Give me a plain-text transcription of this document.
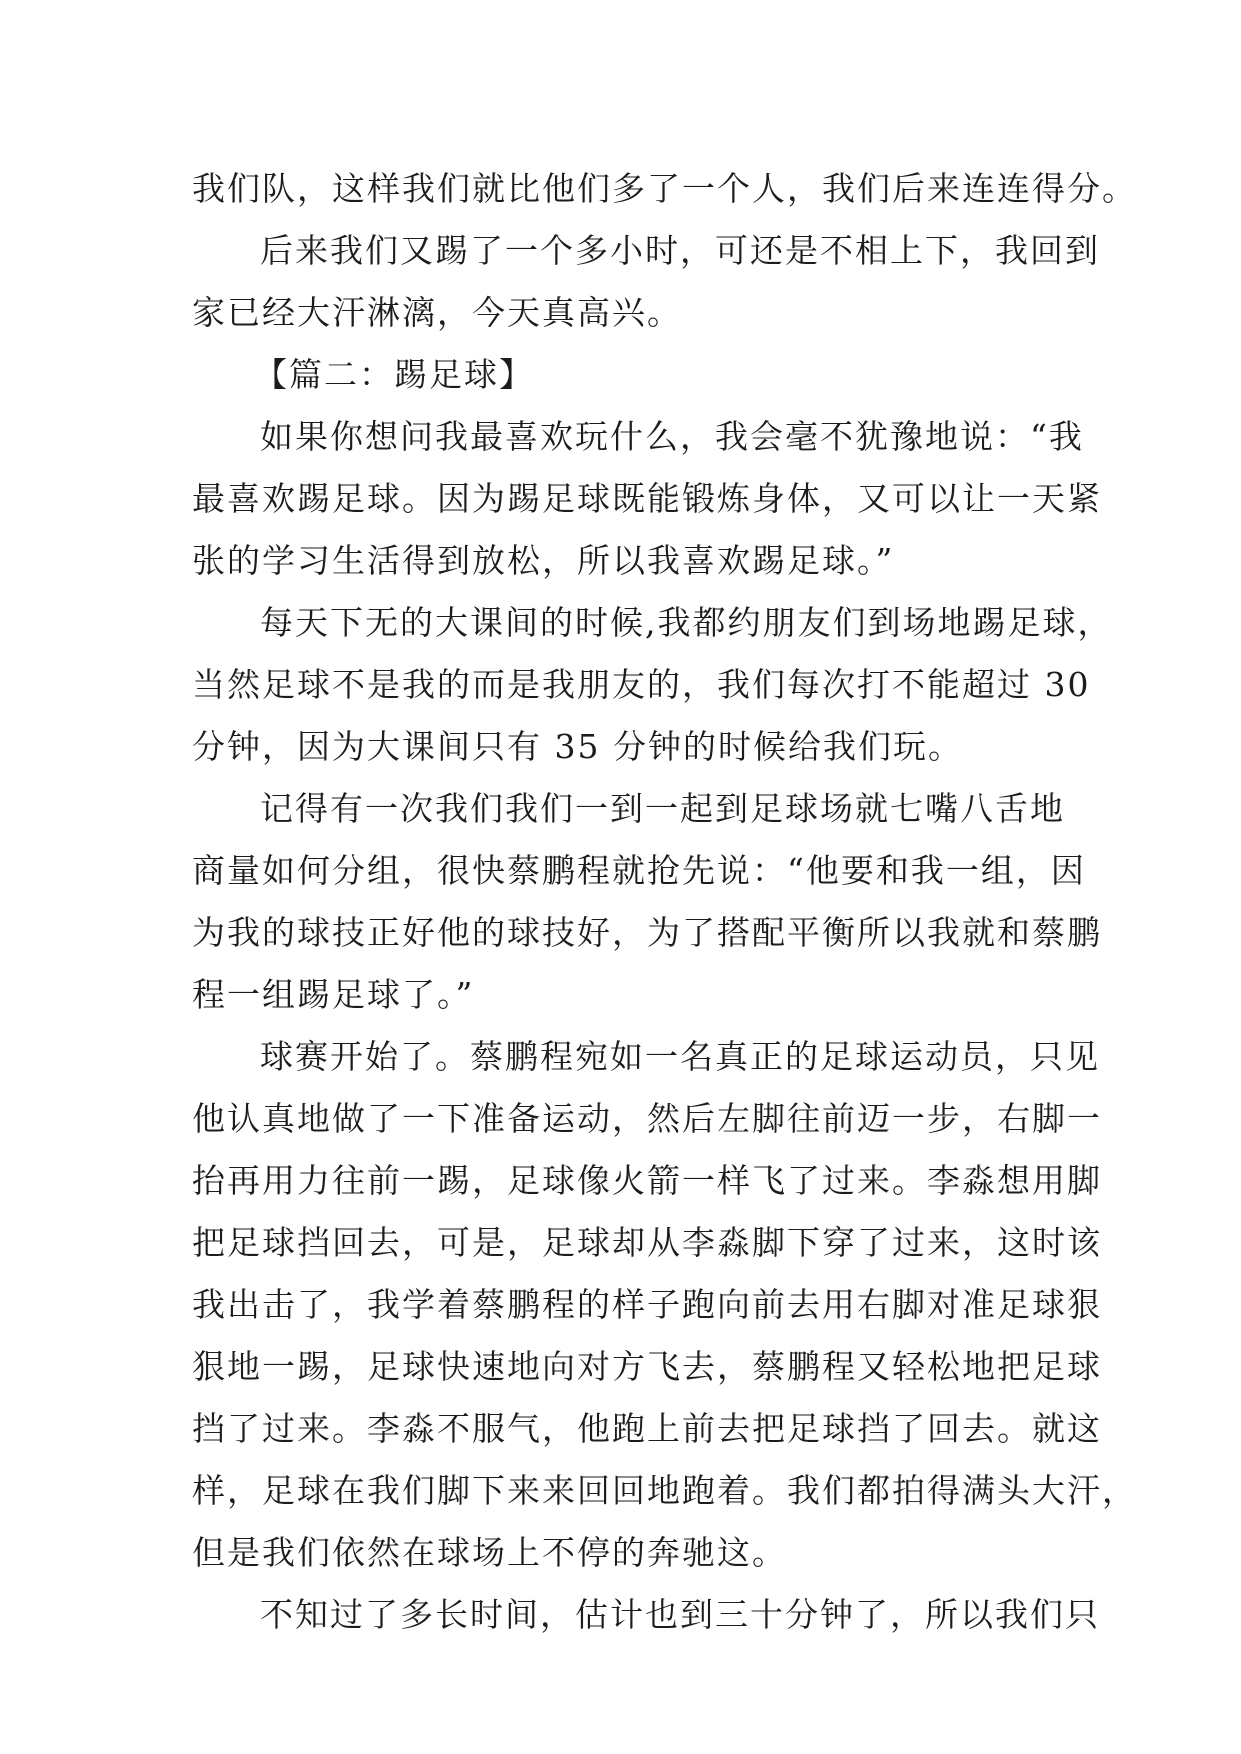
我们队，这样我们就比他们多了一个人，我们后来连连得分。
后来我们又踢了一个多小时，可还是不相上下，我回到
家已经大汗淋漓，今天真高兴。
【篇二：踢足球】
如果你想问我最喜欢玩什么，我会毫不犹豫地说：“我
最喜欢踢足球。因为踢足球既能锻炼身体，又可以让一天紧
张的学习生活得到放松，所以我喜欢踢足球。”
每天下无的大课间的时候,我都约朋友们到场地踢足球，
当然足球不是我的而是我朋友的，我们每次打不能超过 30
分钟，因为大课间只有 35 分钟的时候给我们玩。
记得有一次我们我们一到一起到足球场就七嘴八舌地
商量如何分组，很快蔡鹏程就抢先说：“他要和我一组，因
为我的球技正好他的球技好，为了搭配平衡所以我就和蔡鹏
程一组踢足球了。”
球赛开始了。蔡鹏程宛如一名真正的足球运动员，只见
他认真地做了一下准备运动，然后左脚往前迈一步，右脚一
抬再用力往前一踢，足球像火箭一样飞了过来。李淼想用脚
把足球挡回去，可是，足球却从李淼脚下穿了过来，这时该
我出击了，我学着蔡鹏程的样子跑向前去用右脚对准足球狠
狠地一踢，足球快速地向对方飞去，蔡鹏程又轻松地把足球
挡了过来。李淼不服气，他跑上前去把足球挡了回去。就这
样，足球在我们脚下来来回回地跑着。我们都拍得满头大汗，
但是我们依然在球场上不停的奔驰这。
不知过了多长时间，估计也到三十分钟了，所以我们只
